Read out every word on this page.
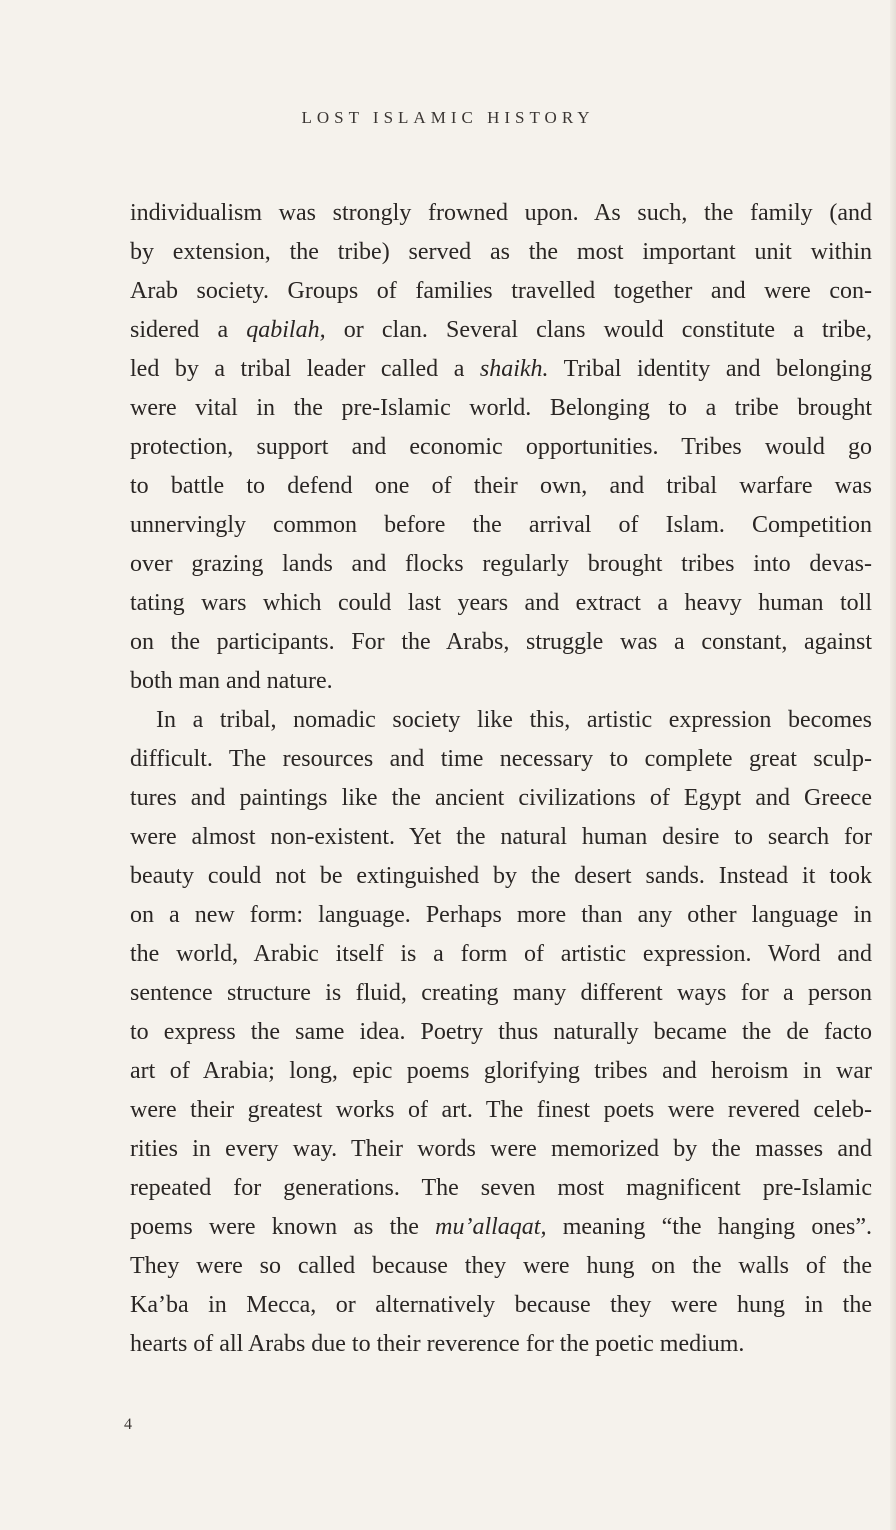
LOST ISLAMIC HISTORY
individualism was strongly frowned upon. As such, the family (and
by extension, the tribe) served as the most important unit within
Arab society. Groups of families travelled together and were con-
sidered a qabilah, or clan. Several clans would constitute a tribe,
led by a tribal leader called a shaikh. Tribal identity and belonging
were vital in the pre-Islamic world. Belonging to a tribe brought
protection, support and economic opportunities. Tribes would go
to battle to defend one of their own, and tribal warfare was
unnervingly common before the arrival of Islam. Competition
over grazing lands and flocks regularly brought tribes into devas-
tating wars which could last years and extract a heavy human toll
on the participants. For the Arabs, struggle was a constant, against
both man and nature.
In a tribal, nomadic society like this, artistic expression becomes
difficult. The resources and time necessary to complete great sculp-
tures and paintings like the ancient civilizations of Egypt and Greece
were almost non-existent. Yet the natural human desire to search for
beauty could not be extinguished by the desert sands. Instead it took
on a new form: language. Perhaps more than any other language in
the world, Arabic itself is a form of artistic expression. Word and
sentence structure is fluid, creating many different ways for a person
to express the same idea. Poetry thus naturally became the de facto
art of Arabia; long, epic poems glorifying tribes and heroism in war
were their greatest works of art. The finest poets were revered celeb-
rities in every way. Their words were memorized by the masses and
repeated for generations. The seven most magnificent pre-Islamic
poems were known as the mu’allaqat, meaning “the hanging ones”.
They were so called because they were hung on the walls of the
Ka’ba in Mecca, or alternatively because they were hung in the
hearts of all Arabs due to their reverence for the poetic medium.
4
